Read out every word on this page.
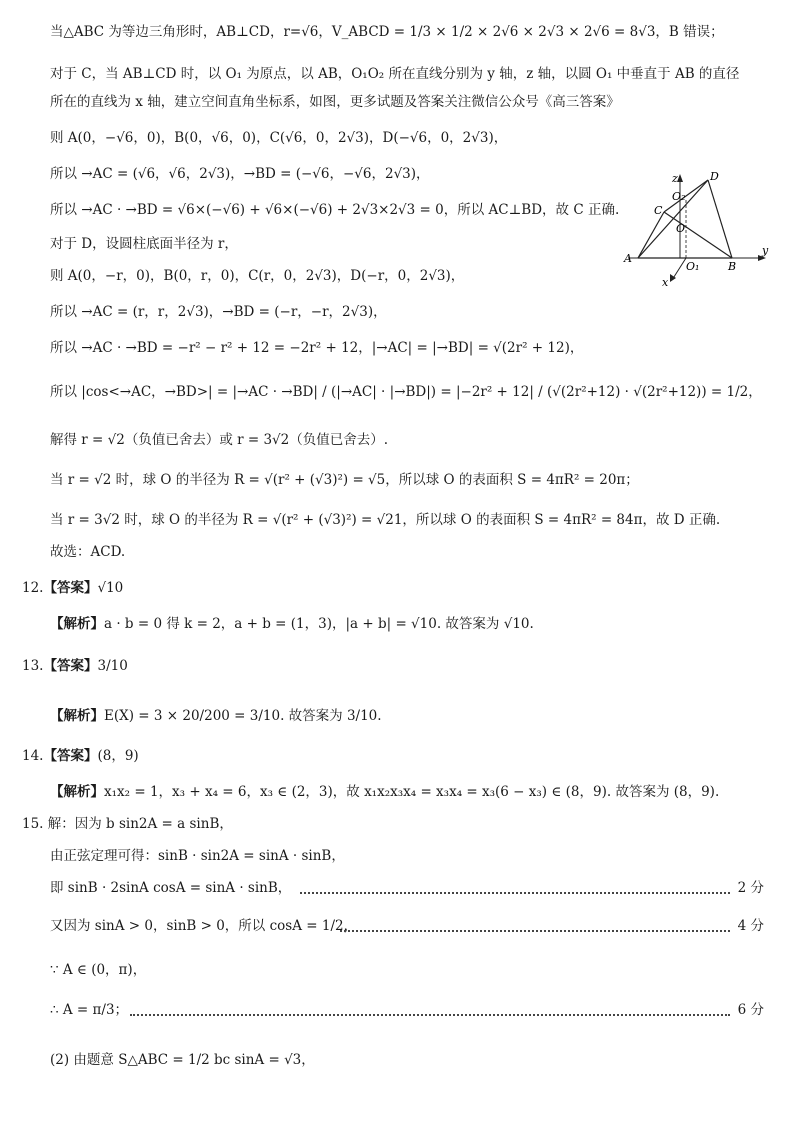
当△ABC 为等边三角形时，AB⊥CD，r=√6，V_ABCD = 1/3 × 1/2 × 2√6 × 2√3 × 2√6 = 8√3，B 错误；
对于 C，当 AB⊥CD 时，以 O₁ 为原点，以 AB，O₁O₂ 所在直线分别为 y 轴，z 轴，以圆 O₁ 中垂直于 AB 的直径
所在的直线为 x 轴，建立空间直角坐标系，如图，更多试题及答案关注微信公众号《高三答案》
则 A(0，−√6，0)，B(0，√6，0)，C(√6，0，2√3)，D(−√6，0，2√3)，
所以 →AC = (√6，√6，2√3)，→BD = (−√6，−√6，2√3)，
所以 →AC · →BD = √6×(−√6) + √6×(−√6) + 2√3×2√3 = 0，所以 AC⊥BD，故 C 正确.
对于 D，设圆柱底面半径为 r，
则 A(0，−r，0)，B(0，r，0)，C(r，0，2√3)，D(−r，0，2√3)，
所以 →AC = (r，r，2√3)，→BD = (−r，−r，2√3)，
所以 →AC · →BD = −r² − r² + 12 = −2r² + 12，|→AC| = |→BD| = √(2r² + 12)，
所以 |cos<→AC，→BD>| = |→AC · →BD| / (|→AC| · |→BD|) = |−2r² + 12| / (√(2r²+12) · √(2r²+12)) = 1/2，
解得 r = √2（负值已舍去）或 r = 3√2（负值已舍去）.
当 r = √2 时，球 O 的半径为 R = √(r² + (√3)²) = √5，所以球 O 的表面积 S = 4πR² = 20π；
当 r = 3√2 时，球 O 的半径为 R = √(r² + (√3)²) = √21，所以球 O 的表面积 S = 4πR² = 84π，故 D 正确.
故选：ACD.
z	D
O₂
C
O
A
O₁	B
y
x
12.【答案】√10
【解析】a · b = 0 得 k = 2，a + b = (1，3)，|a + b| = √10. 故答案为 √10.
13.【答案】3/10
【解析】E(X) = 3 × 20/200 = 3/10. 故答案为 3/10.
14.【答案】(8，9)
【解析】x₁x₂ = 1，x₃ + x₄ = 6，x₃ ∈ (2，3)，故 x₁x₂x₃x₄ = x₃x₄ = x₃(6 − x₃) ∈ (8，9). 故答案为 (8，9).
15. 解：因为 b sin2A = a sinB，
由正弦定理可得：sinB · sin2A = sinA · sinB，
即 sinB · 2sinA cosA = sinA · sinB，	2 分
又因为 sinA > 0，sinB > 0，所以 cosA = 1/2，	4 分
∵ A ∈ (0，π)，
∴ A = π/3；	6 分
(2) 由题意 S△ABC = 1/2 bc sinA = √3，
